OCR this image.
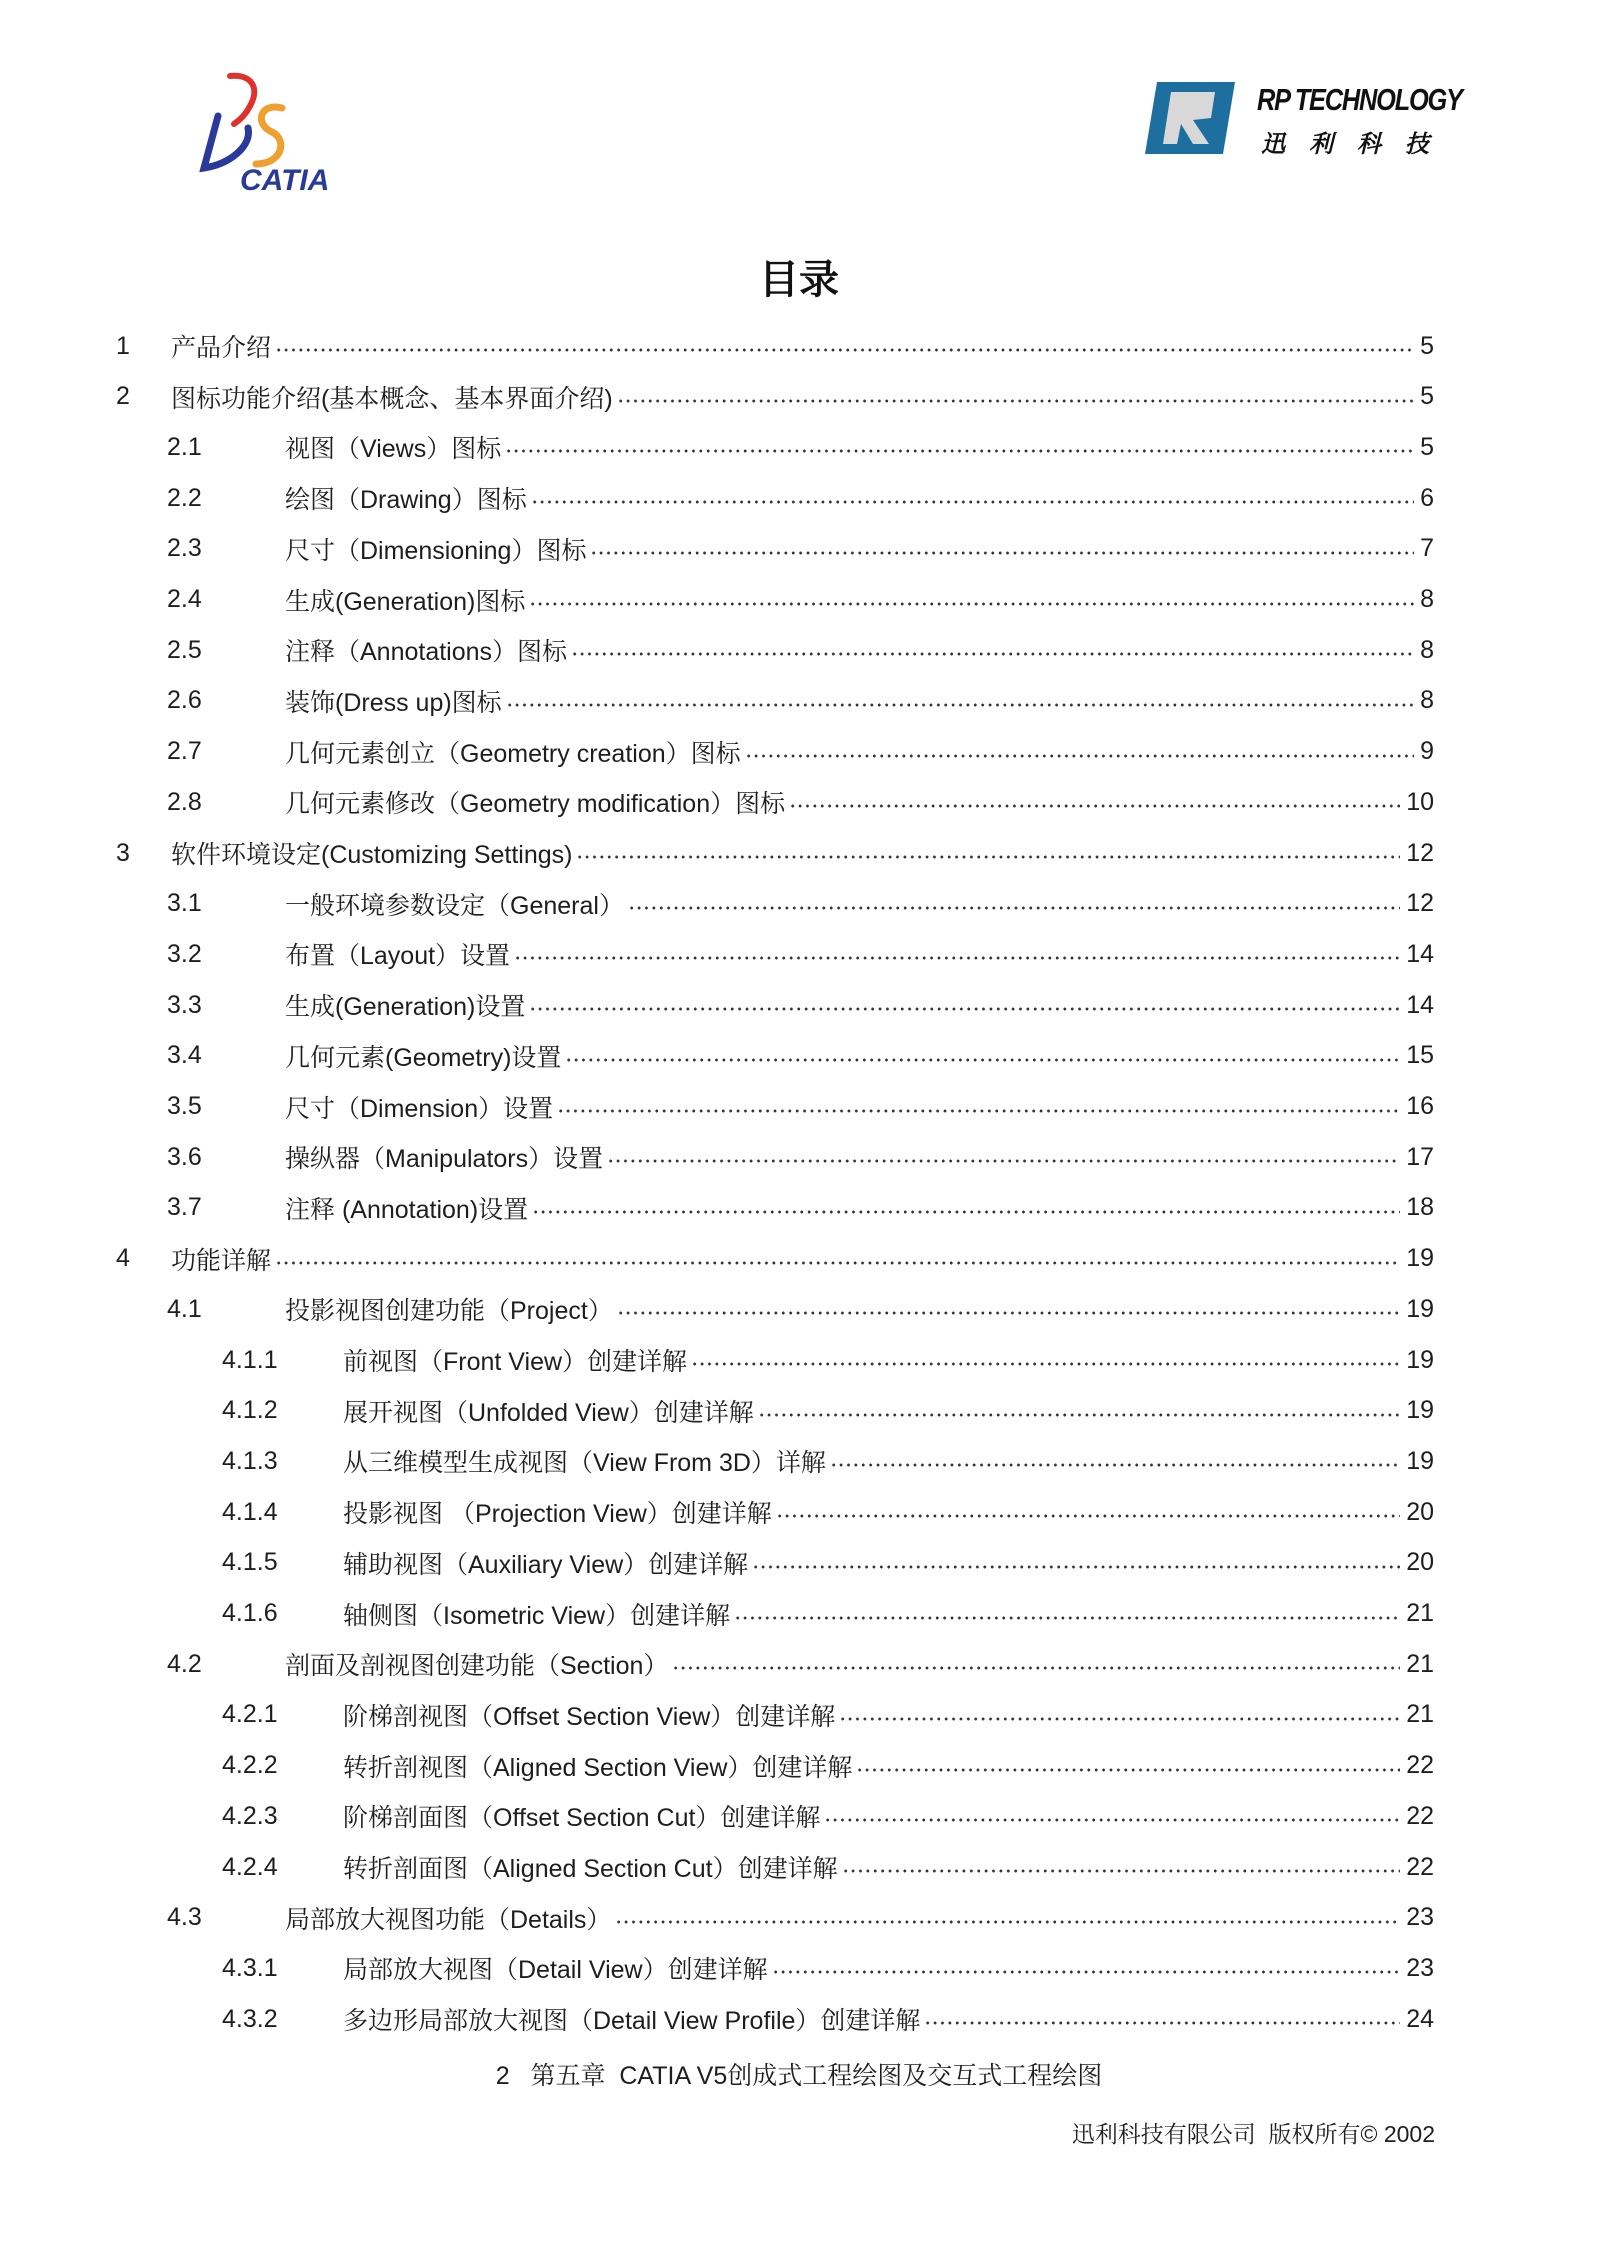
CATIA
RP TECHNOLOGY
迅利科技
目录
1	产品介绍	5
2	图标功能介绍(基本概念、基本界面介绍)	5
2.1	视图（Views）图标	5
2.2	绘图（Drawing）图标	6
2.3	尺寸（Dimensioning）图标	7
2.4	生成(Generation)图标	8
2.5	注释（Annotations）图标	8
2.6	装饰(Dress up)图标	8
2.7	几何元素创立（Geometry creation）图标	9
2.8	几何元素修改（Geometry modification）图标	10
3	软件环境设定(Customizing Settings)	12
3.1	一般环境参数设定（General）	12
3.2	布置（Layout）设置	14
3.3	生成(Generation)设置	14
3.4	几何元素(Geometry)设置	15
3.5	尺寸（Dimension）设置	16
3.6	操纵器（Manipulators）设置	17
3.7	注释 (Annotation)设置	18
4	功能详解	19
4.1	投影视图创建功能（Project）	19
4.1.1	前视图（Front View）创建详解	19
4.1.2	展开视图（Unfolded View）创建详解	19
4.1.3	从三维模型生成视图（View From 3D）详解	19
4.1.4	投影视图 （Projection View）创建详解	20
4.1.5	辅助视图（Auxiliary View）创建详解	20
4.1.6	轴侧图（Isometric View）创建详解	21
4.2	剖面及剖视图创建功能（Section）	21
4.2.1	阶梯剖视图（Offset Section View）创建详解	21
4.2.2	转折剖视图（Aligned Section View）创建详解	22
4.2.3	阶梯剖面图（Offset Section Cut）创建详解	22
4.2.4	转折剖面图（Aligned Section Cut）创建详解	22
4.3	局部放大视图功能（Details）	23
4.3.1	局部放大视图（Detail View）创建详解	23
4.3.2	多边形局部放大视图（Detail View Profile）创建详解	24
2   第五章  CATIA V5创成式工程绘图及交互式工程绘图
迅利科技有限公司  版权所有© 2002
